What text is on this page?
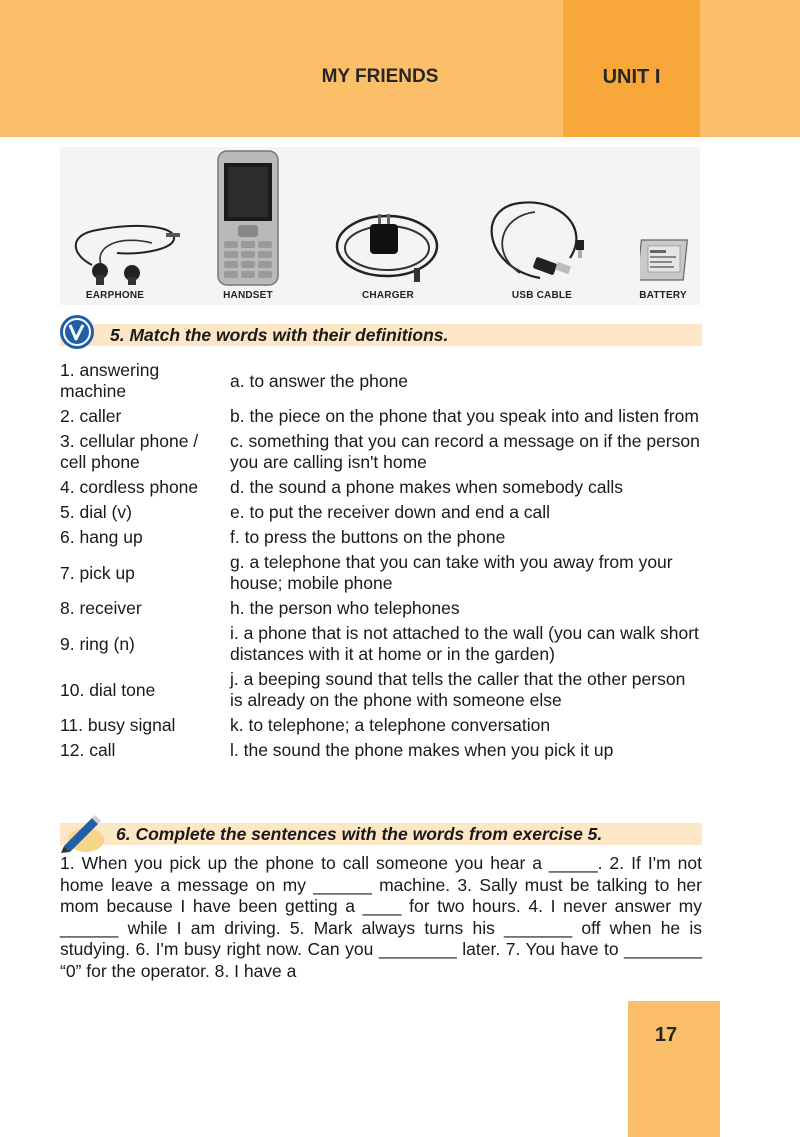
MY FRIENDS	UNIT I
EARPHONE	HANDSET	CHARGER	USB CABLE	BATTERY
5. Match the words with their definitions.
1. answering machine	a. to answer the phone
2. caller	b. the piece on the phone that you speak into and listen from
3. cellular phone / cell phone	c. something that you can record a message on if the person you are calling isn't home
4. cordless phone	d. the sound a phone makes when somebody calls
5. dial (v)	e. to put the receiver down and end a call
6. hang up	f. to press the buttons on the phone
7. pick up	g. a telephone that you can take with you away from your house; mobile phone
8. receiver	h. the person who telephones
9. ring (n)	i. a phone that is not attached to the wall (you can walk short distances with it at home or in the garden)
10. dial tone	j. a beeping sound that tells the caller that the other person is already on the phone with someone else
11. busy signal	k. to telephone; a telephone conversation
12. call	l. the sound the phone makes when you pick it up
6. Complete the sentences with the words from exercise 5.
1. When you pick up the phone to call someone you hear a _____. 2. If I'm not home leave a message on my ______ machine. 3. Sally must be talking to her mom because I have been getting a ____ for two hours. 4. I never answer my ______ while I am driving. 5. Mark always turns his _______ off when he is studying. 6. I'm busy right now. Can you ________ later. 7. You have to ________ “0” for the operator. 8. I have a
17
